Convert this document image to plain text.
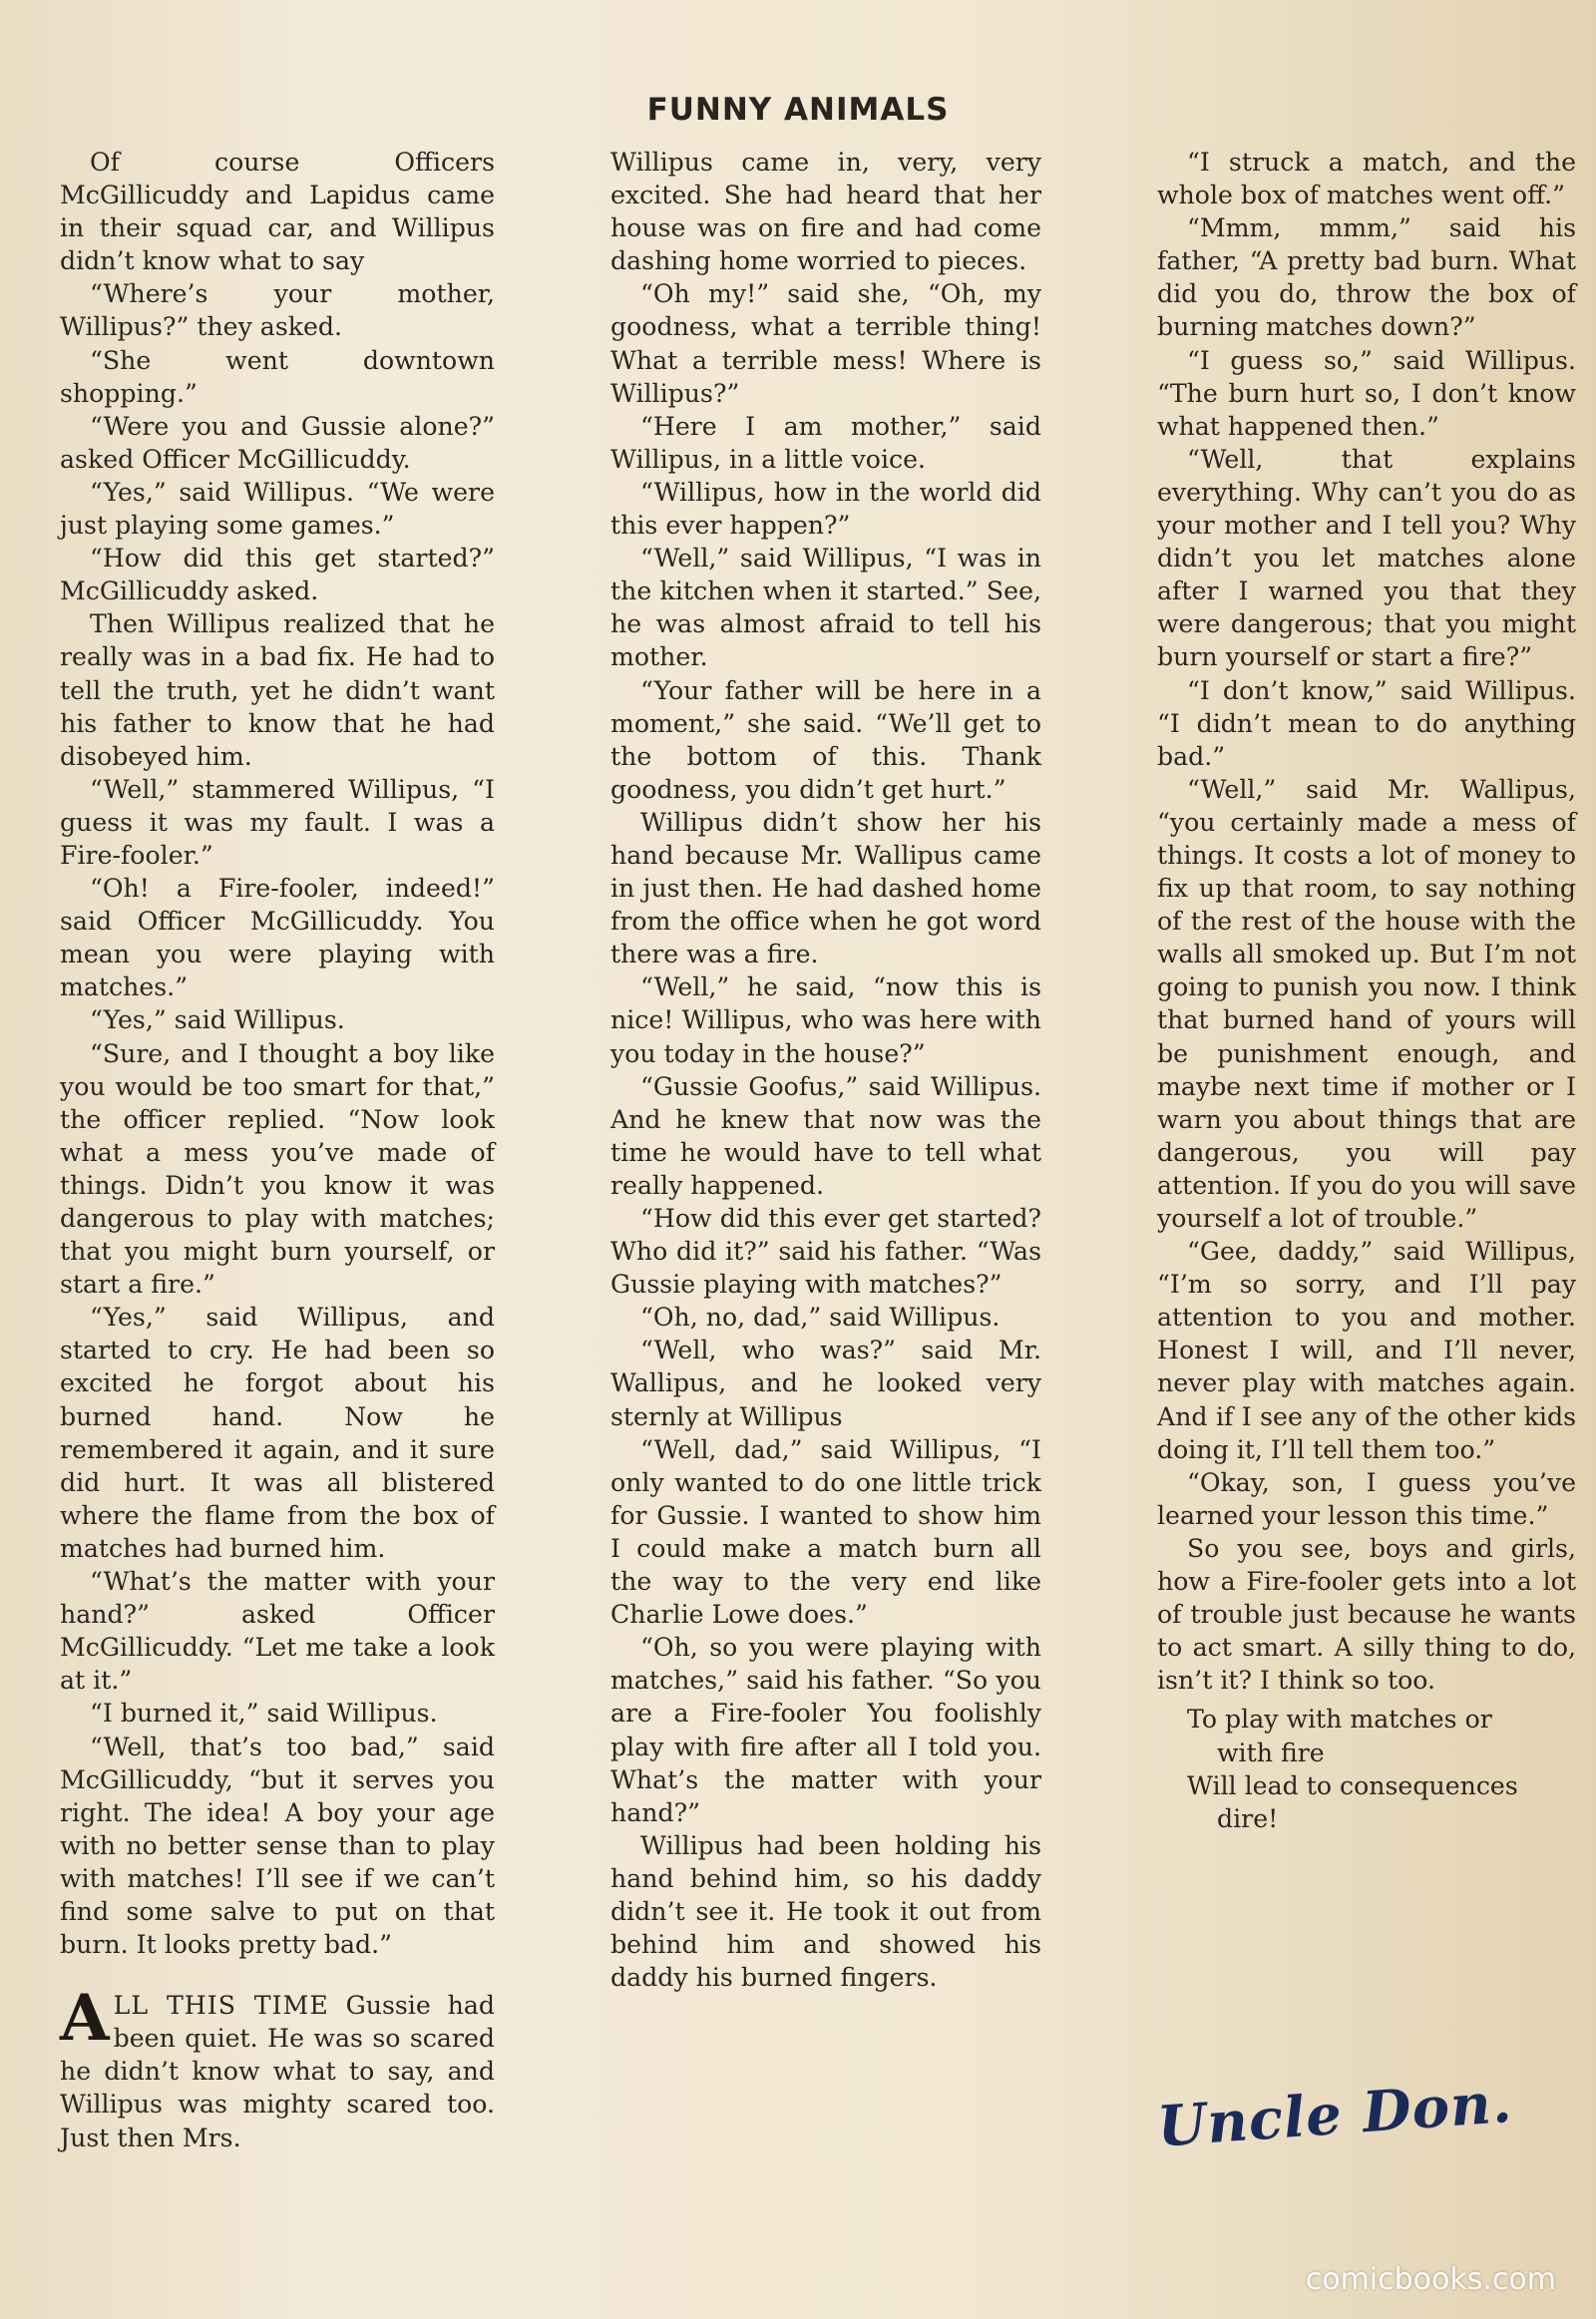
FUNNY ANIMALS

Of course Officers McGillicuddy and Lapidus came in their squad car, and Willipus didn’t know what to say

“Where’s your mother, Willipus?” they asked.

“She went downtown shopping.”

“Were you and Gussie alone?” asked Officer McGillicuddy.

“Yes,” said Willipus. “We were just playing some games.”

“How did this get started?” McGillicuddy asked.

Then Willipus realized that he really was in a bad fix. He had to tell the truth, yet he didn’t want his father to know that he had disobeyed him.

“Well,” stammered Willipus, “I guess it was my fault. I was a Fire-fooler.”

“Oh! a Fire-fooler, indeed!” said Officer McGillicuddy. You mean you were playing with matches.”

“Yes,” said Willipus.

“Sure, and I thought a boy like you would be too smart for that,” the officer replied. “Now look what a mess you’ve made of things. Didn’t you know it was dangerous to play with matches; that you might burn yourself, or start a fire.”

“Yes,” said Willipus, and started to cry. He had been so excited he forgot about his burned hand. Now he remembered it again, and it sure did hurt. It was all blistered where the flame from the box of matches had burned him.

“What’s the matter with your hand?” asked Officer McGillicuddy. “Let me take a look at it.”

“I burned it,” said Willipus.

“Well, that’s too bad,” said McGillicuddy, “but it serves you right. The idea! A boy your age with no better sense than to play with matches! I’ll see if we can’t find some salve to put on that burn. It looks pretty bad.”

ALL THIS TIME Gussie had been quiet. He was so scared he didn’t know what to say, and Willipus was mighty scared too. Just then Mrs.

Willipus came in, very, very excited. She had heard that her house was on fire and had come dashing home worried to pieces.

“Oh my!” said she, “Oh, my goodness, what a terrible thing! What a terrible mess! Where is Willipus?”

“Here I am mother,” said Willipus, in a little voice.

“Willipus, how in the world did this ever happen?”

“Well,” said Willipus, “I was in the kitchen when it started.” See, he was almost afraid to tell his mother.

“Your father will be here in a moment,” she said. “We’ll get to the bottom of this. Thank goodness, you didn’t get hurt.”

Willipus didn’t show her his hand because Mr. Wallipus came in just then. He had dashed home from the office when he got word there was a fire.

“Well,” he said, “now this is nice! Willipus, who was here with you today in the house?”

“Gussie Goofus,” said Willipus. And he knew that now was the time he would have to tell what really happened.

“How did this ever get started? Who did it?” said his father. “Was Gussie playing with matches?”

“Oh, no, dad,” said Willipus.

“Well, who was?” said Mr. Wallipus, and he looked very sternly at Willipus

“Well, dad,” said Willipus, “I only wanted to do one little trick for Gussie. I wanted to show him I could make a match burn all the way to the very end like Charlie Lowe does.”

“Oh, so you were playing with matches,” said his father. “So you are a Fire-fooler You foolishly play with fire after all I told you. What’s the matter with your hand?”

Willipus had been holding his hand behind him, so his daddy didn’t see it. He took it out from behind him and showed his daddy his burned fingers.

“I struck a match, and the whole box of matches went off.”

“Mmm, mmm,” said his father, “A pretty bad burn. What did you do, throw the box of burning matches down?”

“I guess so,” said Willipus. “The burn hurt so, I don’t know what happened then.”

“Well, that explains everything. Why can’t you do as your mother and I tell you? Why didn’t you let matches alone after I warned you that they were dangerous; that you might burn yourself or start a fire?”

“I don’t know,” said Willipus. “I didn’t mean to do anything bad.”

“Well,” said Mr. Wallipus, “you certainly made a mess of things. It costs a lot of money to fix up that room, to say nothing of the rest of the house with the walls all smoked up. But I’m not going to punish you now. I think that burned hand of yours will be punishment enough, and maybe next time if mother or I warn you about things that are dangerous, you will pay attention. If you do you will save yourself a lot of trouble.”

“Gee, daddy,” said Willipus, “I’m so sorry, and I’ll pay attention to you and mother. Honest I will, and I’ll never, never play with matches again. And if I see any of the other kids doing it, I’ll tell them too.”

“Okay, son, I guess you’ve learned your lesson this time.”

So you see, boys and girls, how a Fire-fooler gets into a lot of trouble just because he wants to act smart. A silly thing to do, isn’t it? I think so too.

To play with matches or

with fire

Will lead to consequences

dire!

Uncle Don.
comicbooks.com
